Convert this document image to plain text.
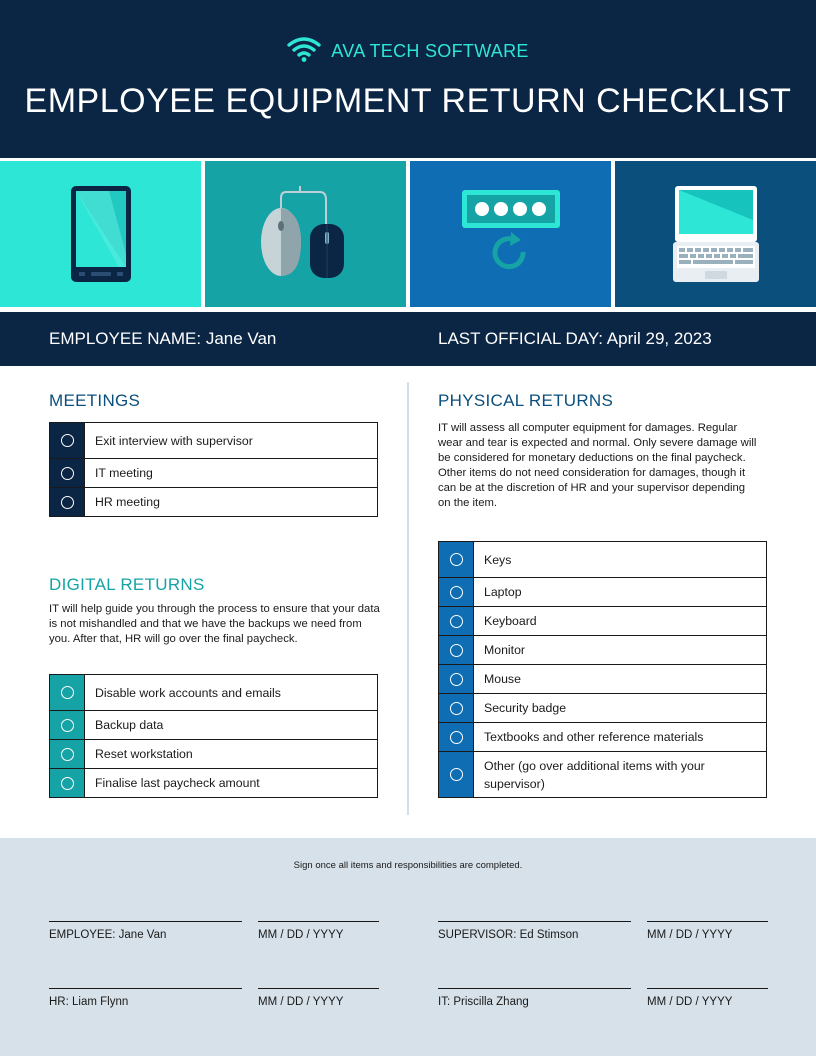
AVA TECH SOFTWARE
EMPLOYEE EQUIPMENT RETURN CHECKLIST
EMPLOYEE NAME: Jane Van	LAST OFFICIAL DAY: April 29, 2023
MEETINGS
Exit interview with supervisor
IT meeting
HR meeting
DIGITAL RETURNS
IT will help guide you through the process to ensure that your data is not mishandled and that we have the backups we need from you. After that, HR will go over the final paycheck.
Disable work accounts and emails
Backup data
Reset workstation
Finalise last paycheck amount
PHYSICAL RETURNS
IT will assess all computer equipment for damages. Regular wear and tear is expected and normal. Only severe damage will be considered for monetary deductions on the final paycheck. Other items do not need consideration for damages, though it can be at the discretion of HR and your supervisor depending on the item.
Keys
Laptop
Keyboard
Monitor
Mouse
Security badge
Textbooks and other reference materials
Other (go over additional items with your supervisor)
Sign once all items and responsibilities are completed.
EMPLOYEE: Jane Van	MM / DD / YYYY	SUPERVISOR: Ed Stimson	MM / DD / YYYY
HR: Liam Flynn	MM / DD / YYYY	IT: Priscilla Zhang	MM / DD / YYYY
